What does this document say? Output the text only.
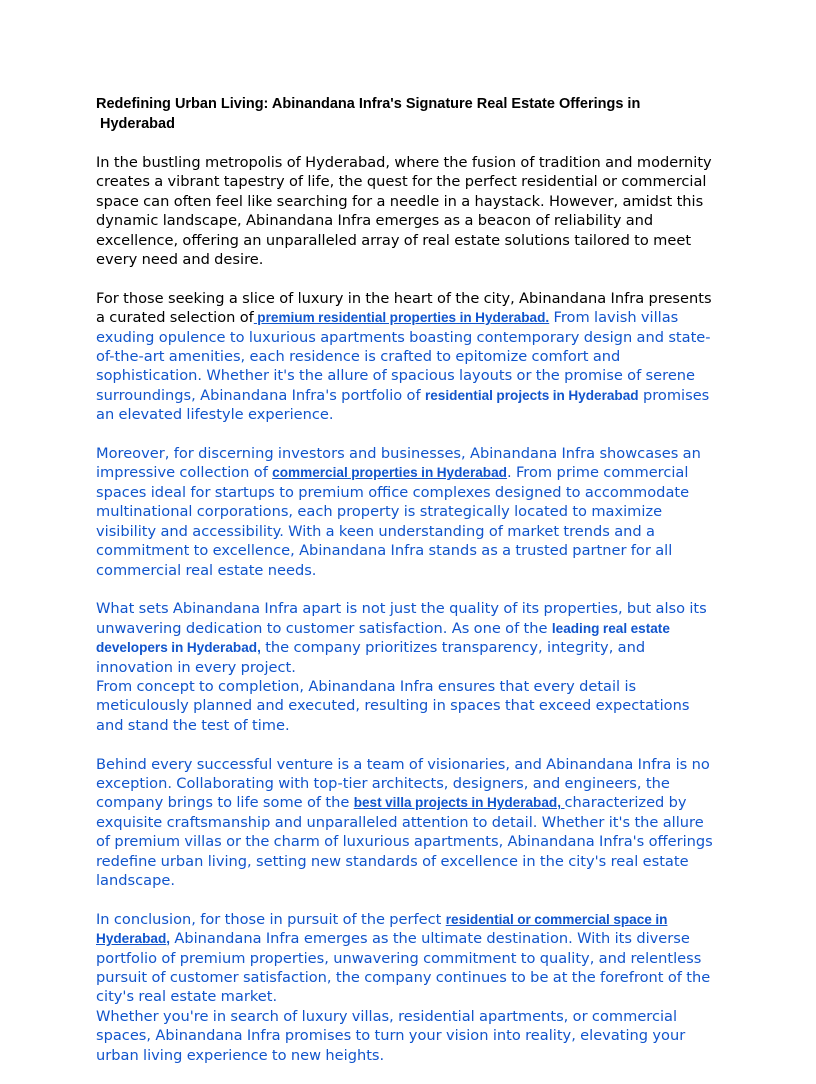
Redefining Urban Living: Abinandana Infra's Signature Real Estate Offerings in
Hyderabad

In the bustling metropolis of Hyderabad, where the fusion of tradition and modernity creates a vibrant tapestry of life, the quest for the perfect residential or commercial space can often feel like searching for a needle in a haystack. However, amidst this dynamic landscape, Abinandana Infra emerges as a beacon of reliability and excellence, offering an unparalleled array of real estate solutions tailored to meet every need and desire.

For those seeking a slice of luxury in the heart of the city, Abinandana Infra presents a curated selection of premium residential properties in Hyderabad. From lavish villas exuding opulence to luxurious apartments boasting contemporary design and state-of-the-art amenities, each residence is crafted to epitomize comfort and sophistication. Whether it's the allure of spacious layouts or the promise of serene surroundings, Abinandana Infra's portfolio of residential projects in Hyderabad promises an elevated lifestyle experience.

Moreover, for discerning investors and businesses, Abinandana Infra showcases an impressive collection of commercial properties in Hyderabad. From prime commercial spaces ideal for startups to premium office complexes designed to accommodate multinational corporations, each property is strategically located to maximize visibility and accessibility. With a keen understanding of market trends and a commitment to excellence, Abinandana Infra stands as a trusted partner for all commercial real estate needs.

What sets Abinandana Infra apart is not just the quality of its properties, but also its unwavering dedication to customer satisfaction. As one of the leading real estate developers in Hyderabad, the company prioritizes transparency, integrity, and innovation in every project.

From concept to completion, Abinandana Infra ensures that every detail is meticulously planned and executed, resulting in spaces that exceed expectations and stand the test of time.

Behind every successful venture is a team of visionaries, and Abinandana Infra is no exception. Collaborating with top-tier architects, designers, and engineers, the company brings to life some of the best villa projects in Hyderabad, characterized by exquisite craftsmanship and unparalleled attention to detail. Whether it's the allure of premium villas or the charm of luxurious apartments, Abinandana Infra's offerings redefine urban living, setting new standards of excellence in the city's real estate landscape.

In conclusion, for those in pursuit of the perfect residential or commercial space in Hyderabad, Abinandana Infra emerges as the ultimate destination. With its diverse portfolio of premium properties, unwavering commitment to quality, and relentless pursuit of customer satisfaction, the company continues to be at the forefront of the city's real estate market.

Whether you're in search of luxury villas, residential apartments, or commercial spaces, Abinandana Infra promises to turn your vision into reality, elevating your urban living experience to new heights.
